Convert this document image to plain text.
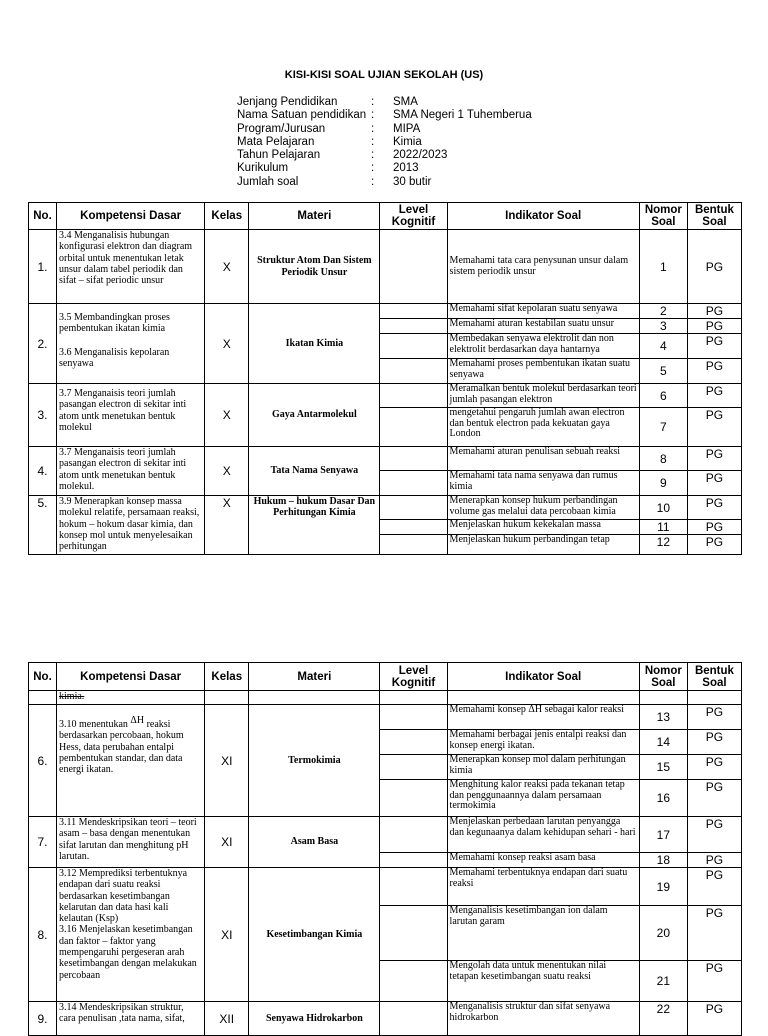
KISI-KISI SOAL UJIAN SEKOLAH (US)
Jenjang Pendidikan	:	SMA
Nama Satuan pendidikan :	SMA Negeri 1 Tuhemberua
Program/Jurusan	:	MIPA
Mata Pelajaran	:	Kimia
Tahun Pelajaran	:	2022/2023
Kurikulum	:	2013
Jumlah soal	:	30 butir
No.	Kompetensi Dasar	Kelas	Materi	Level Kognitif	Indikator Soal	Nomor Soal	Bentuk Soal
1.	3.4 Menganalisis hubungan konfigurasi elektron dan diagram orbital untuk menentukan letak unsur dalam tabel periodik dan sifat – sifat periodic unsur	X	Struktur Atom Dan Sistem Periodik Unsur		Memahami tata cara penysunan unsur dalam sistem periodik unsur	1	PG
2.	3.5 Membandingkan proses pembentukan ikatan kimia
3.6 Menganalisis kepolaran senyawa	X	Ikatan Kimia		Memahami sifat kepolaran suatu senyawa	2	PG
					Memahami aturan kestabilan suatu unsur	3	PG
					Membedakan senyawa elektrolit dan non elektrolit berdasarkan daya hantarnya	4	PG
					Memahami proses pembentukan ikatan suatu senyawa	5	PG
3.	3.7 Menganaisis teori jumlah pasangan electron di sekitar inti atom untk menetukan bentuk molekul	X	Gaya Antarmolekul		Meramalkan bentuk molekul berdasarkan teori jumlah pasangan elektron	6	PG
					mengetahui pengaruh jumlah awan electron dan bentuk electron pada kekuatan gaya London	7	PG
4.	3.7 Menganaisis teori jumlah pasangan electron di sekitar inti atom untk menetukan bentuk molekul.	X	Tata Nama Senyawa		Memahami aturan penulisan sebuah reaksi	8	PG
					Memahami tata nama senyawa dan rumus kimia	9	PG
5.	3.9 Menerapkan konsep massa molekul relatife, persamaan reaksi, hokum – hokum dasar kimia, dan konsep mol untuk menyelesaikan perhitungan	X	Hukum – hukum Dasar Dan Perhitungan Kimia		Menerapkan konsep hukum perbandingan volume gas melalui data percobaan kimia	10	PG
					Menjelaskan hukum kekekalan massa	11	PG
					Menjelaskan hukum perbandingan tetap	12	PG
No.	Kompetensi Dasar	Kelas	Materi	Level Kognitif	Indikator Soal	Nomor Soal	Bentuk Soal
	kimia.						
6.	3.10 menentukan ΔH reaksi berdasarkan percobaan, hokum Hess, data perubahan entalpi pembentukan standar, dan data energi ikatan.	XI	Termokimia		Memahami konsep ΔH sebagai kalor reaksi	13	PG
					Memahami berbagai jenis entalpi reaksi dan konsep energi ikatan.	14	PG
					Menerapkan konsep mol dalam perhitungan kimia	15	PG
					Menghitung kalor reaksi pada tekanan tetap dan penggunaannya dalam persamaan termokimia	16	PG
7.	3.11 Mendeskripsikan teori – teori asam – basa dengan menentukan sifat larutan dan menghitung pH larutan.	XI	Asam Basa		Menjelaskan perbedaan larutan penyangga dan kegunaanya dalam kehidupan sehari - hari	17	PG
					Memahami konsep reaksi asam basa	18	PG
8.	3.12 Memprediksi terbentuknya endapan dari suatu reaksi berdasarkan kesetimbangan kelarutan dan data hasi kali kelautan (Ksp)
3.16 Menjelaskan kesetimbangan dan faktor – faktor yang mempengaruhi pergeseran arah kesetimbangan dengan melakukan percobaan	XI	Kesetimbangan Kimia		Memahami terbentuknya endapan dari suatu reaksi	19	PG
					Menganalisis kesetimbangan ion dalam larutan garam	20	PG
					Mengolah data untuk menentukan nilai tetapan kesetimbangan suatu reaksi	21	PG
9.	3.14 Mendeskripsikan struktur, cara penulisan ,tata nama, sifat,	XII	Senyawa Hidrokarbon		Menganalisis struktur dan sifat senyawa hidrokarbon	22	PG
